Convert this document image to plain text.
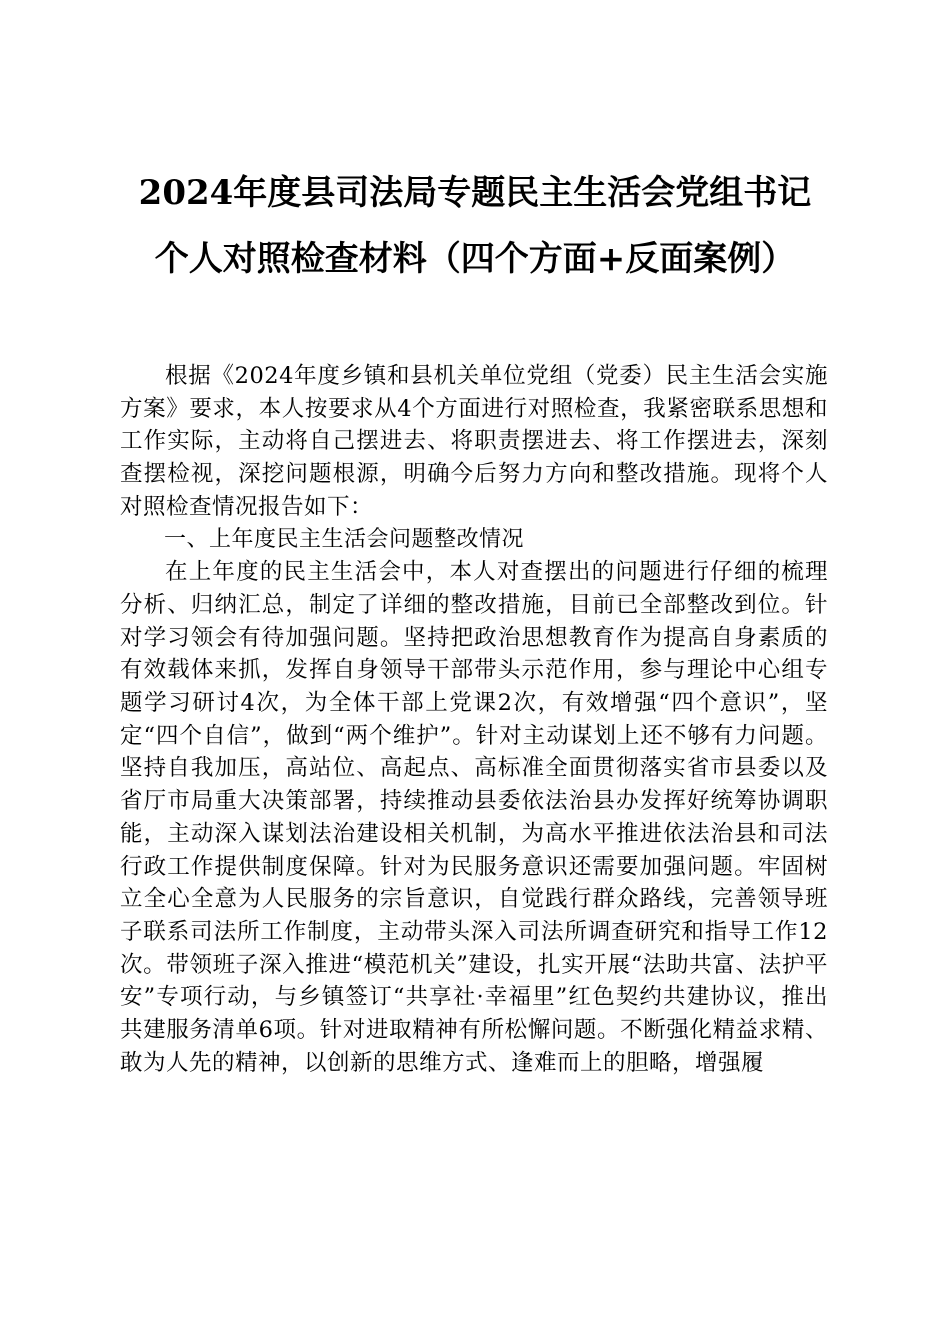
2024年度县司法局专题民主生活会党组书记
个人对照检查材料（四个方面+反面案例）

根据《2024年度乡镇和县机关单位党组（党委）民主生活会实施方案》要求，本人按要求从4个方面进行对照检查，我紧密联系思想和工作实际，主动将自己摆进去、将职责摆进去、将工作摆进去，深刻查摆检视，深挖问题根源，明确今后努力方向和整改措施。现将个人对照检查情况报告如下：

一、上年度民主生活会问题整改情况

在上年度的民主生活会中，本人对查摆出的问题进行仔细的梳理分析、归纳汇总，制定了详细的整改措施，目前已全部整改到位。针对学习领会有待加强问题。坚持把政治思想教育作为提高自身素质的有效载体来抓，发挥自身领导干部带头示范作用，参与理论中心组专题学习研讨4次，为全体干部上党课2次，有效增强“四个意识”，坚定“四个自信”，做到“两个维护”。针对主动谋划上还不够有力问题。坚持自我加压，高站位、高起点、高标准全面贯彻落实省市县委以及省厅市局重大决策部署，持续推动县委依法治县办发挥好统筹协调职能，主动深入谋划法治建设相关机制，为高水平推进依法治县和司法行政工作提供制度保障。针对为民服务意识还需要加强问题。牢固树立全心全意为人民服务的宗旨意识，自觉践行群众路线，完善领导班子联系司法所工作制度，主动带头深入司法所调查研究和指导工作12次。带领班子深入推进“模范机关”建设，扎实开展“法助共富、法护平安”专项行动，与乡镇签订“共享社·幸福里”红色契约共建协议，推出共建服务清单6项。针对进取精神有所松懈问题。不断强化精益求精、敢为人先的精神，以创新的思维方式、逢难而上的胆略，增强履
